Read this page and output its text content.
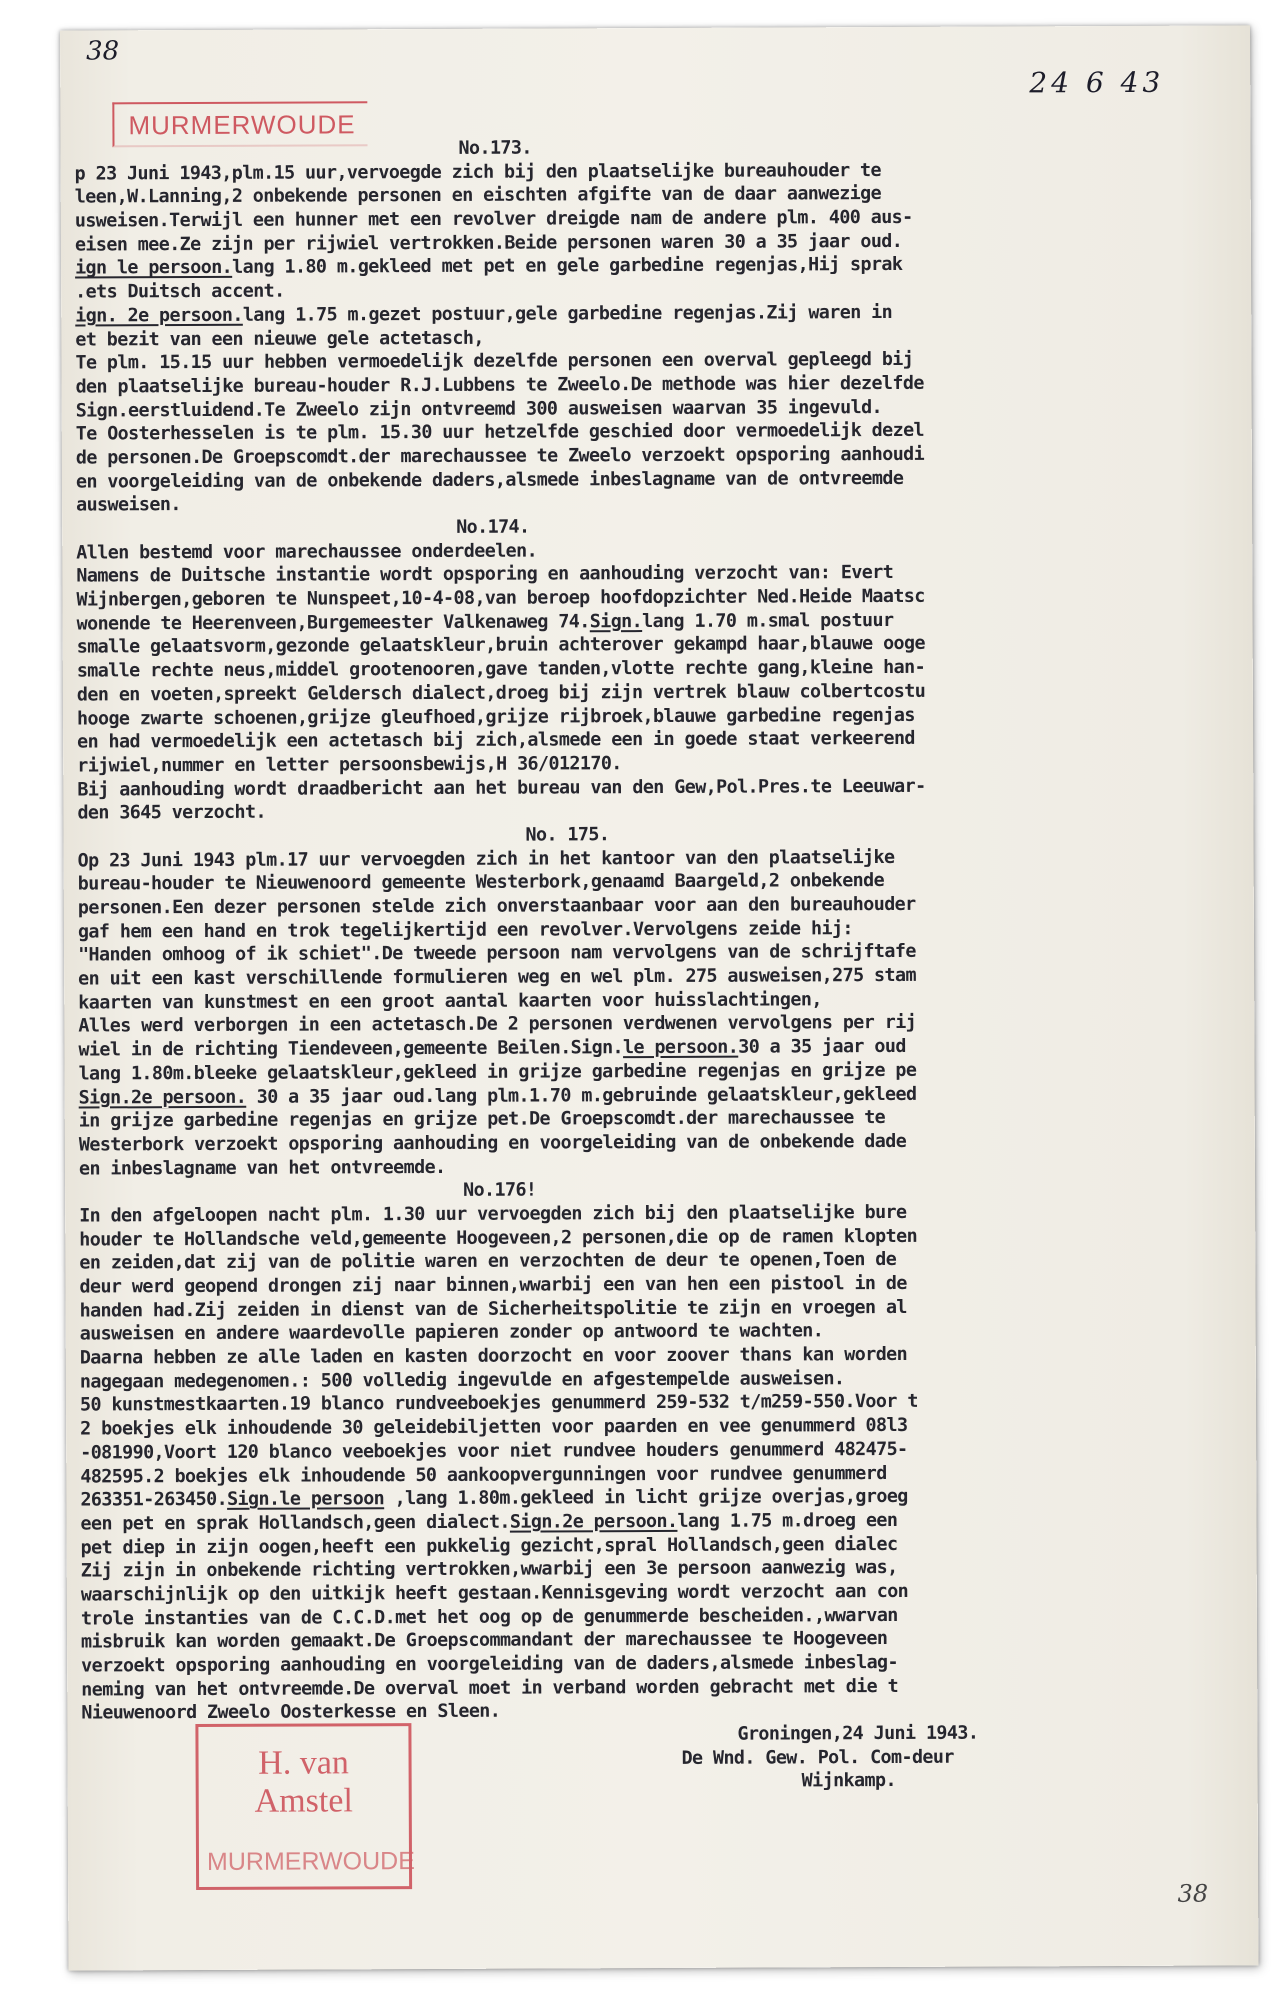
38
24 6 43
MURMERWOUDE
No.173.
p 23 Juni 1943,plm.15 uur,vervoegde zich bij den plaatselijke bureauhouder te
leen,W.Lanning,2 onbekende personen en eischten afgifte van de daar aanwezige
usweisen.Terwijl een hunner met een revolver dreigde nam de andere plm. 400 aus-
eisen mee.Ze zijn per rijwiel vertrokken.Beide personen waren 30 a 35 jaar oud.
ign le persoon.lang 1.80 m.gekleed met pet en gele garbedine regenjas,Hij sprak
.ets Duitsch accent.
ign. 2e persoon.lang 1.75 m.gezet postuur,gele garbedine regenjas.Zij waren in
et bezit van een nieuwe gele actetasch,
Te plm. 15.15 uur hebben vermoedelijk dezelfde personen een overval gepleegd bij
den plaatselijke bureau-houder R.J.Lubbens te Zweelo.De methode was hier dezelfde
Sign.eerstluidend.Te Zweelo zijn ontvreemd 300 ausweisen waarvan 35 ingevuld.
Te Oosterhesselen is te plm. 15.30 uur hetzelfde geschied door vermoedelijk dezel
de personen.De Groepscomdt.der marechaussee te Zweelo verzoekt opsporing aanhoudi
en voorgeleiding van de onbekende daders,alsmede inbeslagname van de ontvreemde
ausweisen.
No.174.
Allen bestemd voor marechaussee onderdeelen.
Namens de Duitsche instantie wordt opsporing en aanhouding verzocht van: Evert
Wijnbergen,geboren te Nunspeet,10-4-08,van beroep hoofdopzichter Ned.Heide Maatsc
wonende te Heerenveen,Burgemeester Valkenaweg 74.Sign.lang 1.70 m.smal postuur
smalle gelaatsvorm,gezonde gelaatskleur,bruin achterover gekampd haar,blauwe ooge
smalle rechte neus,middel grootenooren,gave tanden,vlotte rechte gang,kleine han-
den en voeten,spreekt Geldersch dialect,droeg bij zijn vertrek blauw colbertcostu
hooge zwarte schoenen,grijze gleufhoed,grijze rijbroek,blauwe garbedine regenjas
en had vermoedelijk een actetasch bij zich,alsmede een in goede staat verkeerend
rijwiel,nummer en letter persoonsbewijs,H 36/012170.
Bij aanhouding wordt draadbericht aan het bureau van den Gew,Pol.Pres.te Leeuwar-
den 3645 verzocht.
No. 175.
Op 23 Juni 1943 plm.17 uur vervoegden zich in het kantoor van den plaatselijke
bureau-houder te Nieuwenoord gemeente Westerbork,genaamd Baargeld,2 onbekende
personen.Een dezer personen stelde zich onverstaanbaar voor aan den bureauhouder
gaf hem een hand en trok tegelijkertijd een revolver.Vervolgens zeide hij:
"Handen omhoog of ik schiet".De tweede persoon nam vervolgens van de schrijftafe
en uit een kast verschillende formulieren weg en wel plm. 275 ausweisen,275 stam
kaarten van kunstmest en een groot aantal kaarten voor huisslachtingen,
Alles werd verborgen in een actetasch.De 2 personen verdwenen vervolgens per rij
wiel in de richting Tiendeveen,gemeente Beilen.Sign.le persoon.30 a 35 jaar oud
lang 1.80m.bleeke gelaatskleur,gekleed in grijze garbedine regenjas en grijze pe
Sign.2e persoon. 30 a 35 jaar oud.lang plm.1.70 m.gebruinde gelaatskleur,gekleed
in grijze garbedine regenjas en grijze pet.De Groepscomdt.der marechaussee te
Westerbork verzoekt opsporing aanhouding en voorgeleiding van de onbekende dade
en inbeslagname van het ontvreemde.
No.176!
In den afgeloopen nacht plm. 1.30 uur vervoegden zich bij den plaatselijke bure
houder te Hollandsche veld,gemeente Hoogeveen,2 personen,die op de ramen klopten
en zeiden,dat zij van de politie waren en verzochten de deur te openen,Toen de
deur werd geopend drongen zij naar binnen,wwarbij een van hen een pistool in de
handen had.Zij zeiden in dienst van de Sicherheitspolitie te zijn en vroegen al
ausweisen en andere waardevolle papieren zonder op antwoord te wachten.
Daarna hebben ze alle laden en kasten doorzocht en voor zoover thans kan worden
nagegaan medegenomen.: 500 volledig ingevulde en afgestempelde ausweisen.
50 kunstmestkaarten.19 blanco rundveeboekjes genummerd 259-532 t/m259-550.Voor t
2 boekjes elk inhoudende 30 geleidebiljetten voor paarden en vee genummerd 08l3
-081990,Voort 120 blanco veeboekjes voor niet rundvee houders genummerd 482475-
482595.2 boekjes elk inhoudende 50 aankoopvergunningen voor rundvee genummerd
263351-263450.Sign.le persoon ,lang 1.80m.gekleed in licht grijze overjas,groeg
een pet en sprak Hollandsch,geen dialect.Sign.2e persoon.lang 1.75 m.droeg een
pet diep in zijn oogen,heeft een pukkelig gezicht,spral Hollandsch,geen dialec
Zij zijn in onbekende richting vertrokken,wwarbij een 3e persoon aanwezig was,
waarschijnlijk op den uitkijk heeft gestaan.Kennisgeving wordt verzocht aan con
trole instanties van de C.C.D.met het oog op de genummerde bescheiden.,wwarvan
misbruik kan worden gemaakt.De Groepscommandant der marechaussee te Hoogeveen
verzoekt opsporing aanhouding en voorgeleiding van de daders,alsmede inbeslag-
neming van het ontvreemde.De overval moet in verband worden gebracht met die t
Nieuwenoord Zweelo Oosterkesse en Sleen.
Groningen,24 Juni 1943.
De Wnd. Gew. Pol. Com-deur
Wijnkamp.
H. van Amstel
MURMERWOUDE
38
